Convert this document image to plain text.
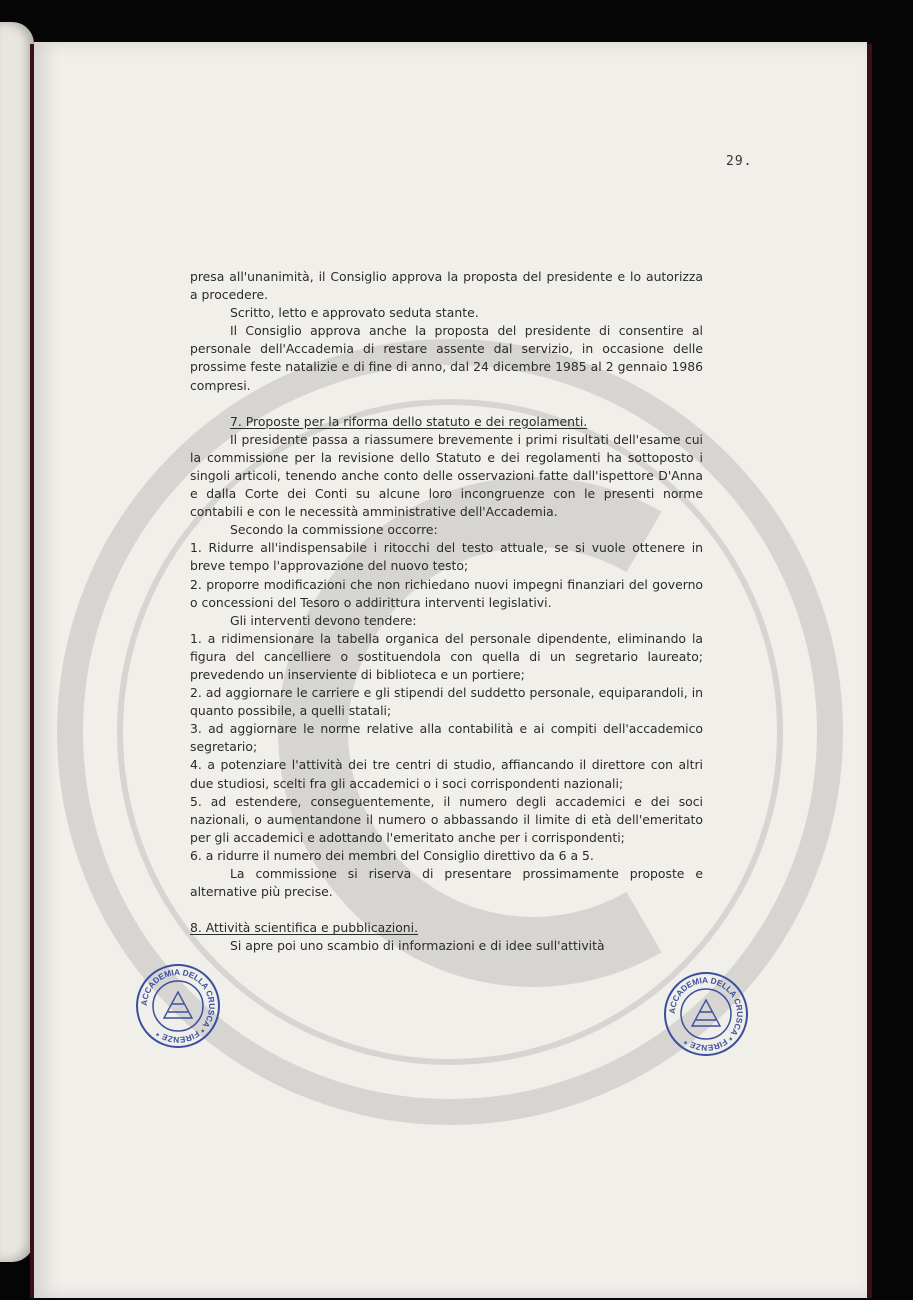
29.

presa all'unanimità, il Consiglio approva la proposta del presidente e lo autorizza a procedere.

Scritto, letto e approvato seduta stante.

Il Consiglio approva anche la proposta del presidente di consentire al personale dell'Accademia di restare assente dal servizio, in occasione delle prossime feste natalizie e di fine di anno, dal 24 dicembre 1985 al 2 gennaio 1986 compresi.

7. Proposte per la riforma dello statuto e dei regolamenti.

Il presidente passa a riassumere brevemente i primi risultati dell'esame cui la commissione per la revisione dello Statuto e dei regolamenti ha sottoposto i singoli articoli, tenendo anche conto delle osservazioni fatte dall'ispettore D'Anna e dalla Corte dei Conti su alcune loro incongruenze con le presenti norme contabili e con le necessità amministrative dell'Accademia.

Secondo la commissione occorre:

1. Ridurre all'indispensabile i ritocchi del testo attuale, se si vuole ottenere in breve tempo l'approvazione del nuovo testo;

2. proporre modificazioni che non richiedano nuovi impegni finanziari del governo o concessioni del Tesoro o addirittura interventi legislativi.

Gli interventi devono tendere:

1. a ridimensionare la tabella organica del personale dipendente, eliminando la figura del cancelliere o sostituendola con quella di un segretario laureato; prevedendo un inserviente di biblioteca e un portiere;

2. ad aggiornare le carriere e gli stipendi del suddetto personale, equiparandoli, in quanto possibile, a quelli statali;

3. ad aggiornare le norme relative alla contabilità e ai compiti dell'accademico segretario;

4. a potenziare l'attività dei tre centri di studio, affiancando il direttore con altri due studiosi, scelti fra gli accademici o i soci corrispondenti nazionali;

5. ad estendere, conseguentemente, il numero degli accademici e dei soci nazionali, o aumentandone il numero o abbassando il limite di età dell'emeritato per gli accademici e adottando l'emeritato anche per i corrispondenti;

6. a ridurre il numero dei membri del Consiglio direttivo da 6 a 5.

La commissione si riserva di presentare prossimamente proposte e alternative più precise.

8. Attività scientifica e pubblicazioni.

Si apre poi uno scambio di informazioni e di idee sull'attività

ACCADEMIA DELLA CRUSCA * FIRENZE *
ACCADEMIA DELLA CRUSCA * FIRENZE *
